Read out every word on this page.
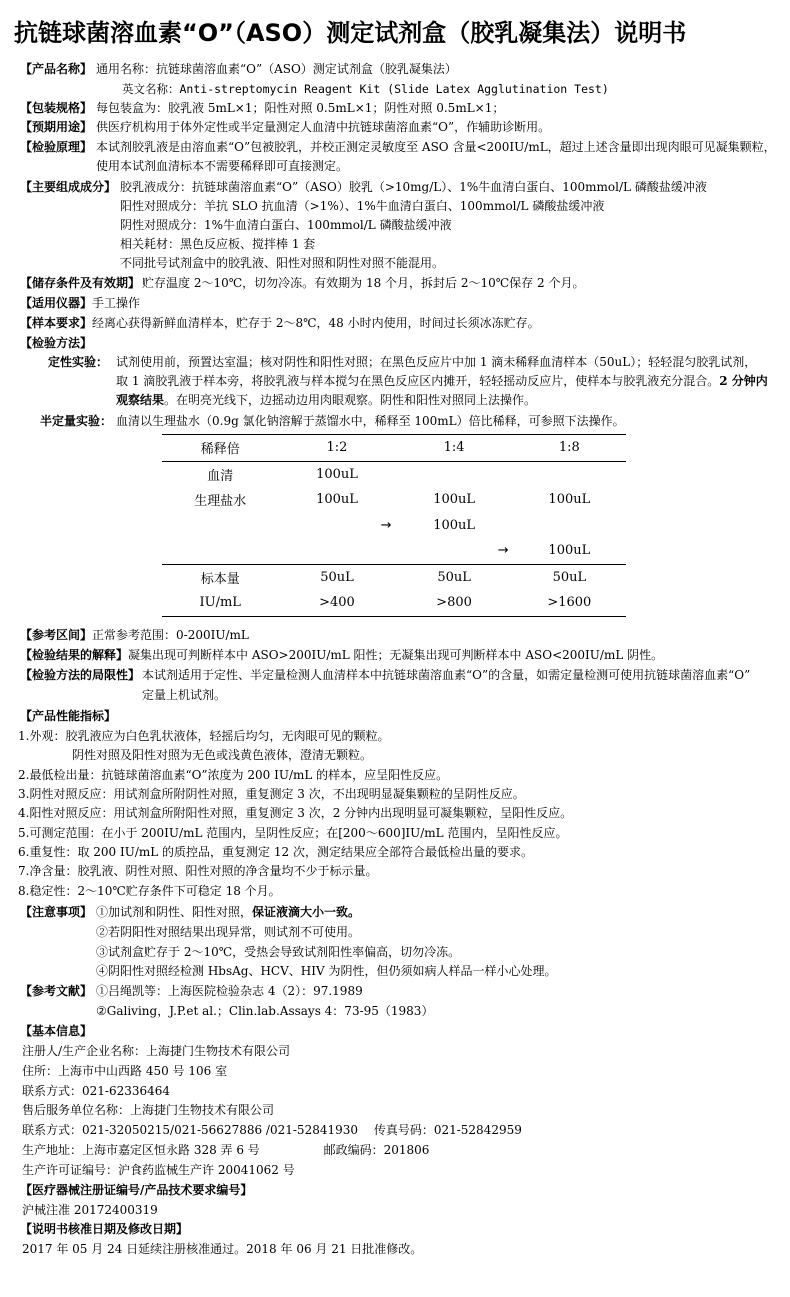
抗链球菌溶血素“O”（ASO）测定试剂盒（胶乳凝集法）说明书
【产品名称】 通用名称：抗链球菌溶血素“O”（ASO）测定试剂盒（胶乳凝集法）
英文名称：Anti-streptomycin Reagent Kit (Slide Latex Agglutination Test)
【包装规格】 每包装盒为：胶乳液 5mL×1；阳性对照 0.5mL×1；阴性对照 0.5mL×1；
【预期用途】 供医疗机构用于体外定性或半定量测定人血清中抗链球菌溶血素“O”，作辅助诊断用。
【检验原理】 本试剂胶乳液是由溶血素“O”包被胶乳，并校正测定灵敏度至 ASO 含量<200IU/mL，超过上述含量即出现肉眼可见凝集颗粒，
使用本试剂血清标本不需要稀释即可直接测定。
【主要组成成分】 胶乳液成分：抗链球菌溶血素“O”（ASO）胶乳（>10mg/L）、1%牛血清白蛋白、100mmol/L 磷酸盐缓冲液
阳性对照成分：羊抗 SLO 抗血清（>1%）、1%牛血清白蛋白、100mmol/L 磷酸盐缓冲液
阴性对照成分：1%牛血清白蛋白、100mmol/L 磷酸盐缓冲液
相关耗材：黑色反应板、搅拌棒 1 套
不同批号试剂盒中的胶乳液、阳性对照和阴性对照不能混用。
【储存条件及有效期】 贮存温度 2～10℃，切勿冷冻。有效期为 18 个月，拆封后 2～10℃保存 2 个月。
【适用仪器】 手工操作
【样本要求】 经离心获得新鲜血清样本，贮存于 2～8℃，48 小时内使用，时间过长须冰冻贮存。
【检验方法】
定性实验： 试剂使用前，预置达室温；核对阴性和阳性对照；在黑色反应片中加 1 滴未稀释血清样本（50uL）；轻轻混匀胶乳试剂，
取 1 滴胶乳液于样本旁，将胶乳液与样本搅匀在黑色反应区内摊开，轻轻摇动反应片，使样本与胶乳液充分混合。2 分钟内
观察结果。在明亮光线下，边摇动边用肉眼观察。阴性和阳性对照同上法操作。
半定量实验： 血清以生理盐水（0.9g 氯化钠溶解于蒸馏水中，稀释至 100mL）倍比稀释，可参照下法操作。
稀释倍	1:2	1:4	1:8
血清	100uL		
生理盐水	100uL	100uL	100uL
	→	100uL	
		→	100uL
标本量	50uL	50uL	50uL
IU/mL	>400	>800	>1600
【参考区间】 正常参考范围：0-200IU/mL
【检验结果的解释】 凝集出现可判断样本中 ASO>200IU/mL 阳性；无凝集出现可判断样本中 ASO<200IU/mL 阴性。
【检验方法的局限性】 本试剂适用于定性、半定量检测人血清样本中抗链球菌溶血素“O”的含量，如需定量检测可使用抗链球菌溶血素“O”
定量上机试剂。
【产品性能指标】
1.外观：胶乳液应为白色乳状液体，轻摇后均匀，无肉眼可见的颗粒。
阴性对照及阳性对照为无色或浅黄色液体，澄清无颗粒。
2.最低检出量：抗链球菌溶血素“O”浓度为 200 IU/mL 的样本，应呈阳性反应。
3.阴性对照反应：用试剂盒所附阴性对照，重复测定 3 次，不出现明显凝集颗粒的呈阴性反应。
4.阳性对照反应：用试剂盒所附阳性对照，重复测定 3 次，2 分钟内出现明显可凝集颗粒，呈阳性反应。
5.可测定范围：在小于 200IU/mL 范围内，呈阴性反应；在[200～600]IU/mL 范围内，呈阳性反应。
6.重复性：取 200 IU/mL 的质控品，重复测定 12 次，测定结果应全部符合最低检出量的要求。
7.净含量：胶乳液、阴性对照、阳性对照的净含量均不少于标示量。
8.稳定性：2～10℃贮存条件下可稳定 18 个月。
【注意事项】 ①加试剂和阴性、阳性对照，保证液滴大小一致。
②若阴阳性对照结果出现异常，则试剂不可使用。
③试剂盒贮存于 2～10℃，受热会导致试剂阳性率偏高，切勿冷冻。
④阴阳性对照经检测 HbsAg、HCV、HIV 为阴性，但仍须如病人样品一样小心处理。
【参考文献】 ①吕绳凯等：上海医院检验杂志 4（2）：97.1989
②Galiving，J.P.et al.；Clin.lab.Assays 4：73-95（1983）
【基本信息】
注册人/生产企业名称：上海捷门生物技术有限公司
住所：上海市中山西路 450 号 106 室
联系方式：021-62336464
售后服务单位名称：上海捷门生物技术有限公司
联系方式：021-32050215/021-56627886 /021-52841930　 传真号码：021-52842959
生产地址：上海市嘉定区恒永路 328 弄 6 号　　　　　 邮政编码：201806
生产许可证编号：沪食药监械生产许 20041062 号
【医疗器械注册证编号/产品技术要求编号】
沪械注准 20172400319
【说明书核准日期及修改日期】
2017 年 05 月 24 日延续注册核准通过。2018 年 06 月 21 日批准修改。
